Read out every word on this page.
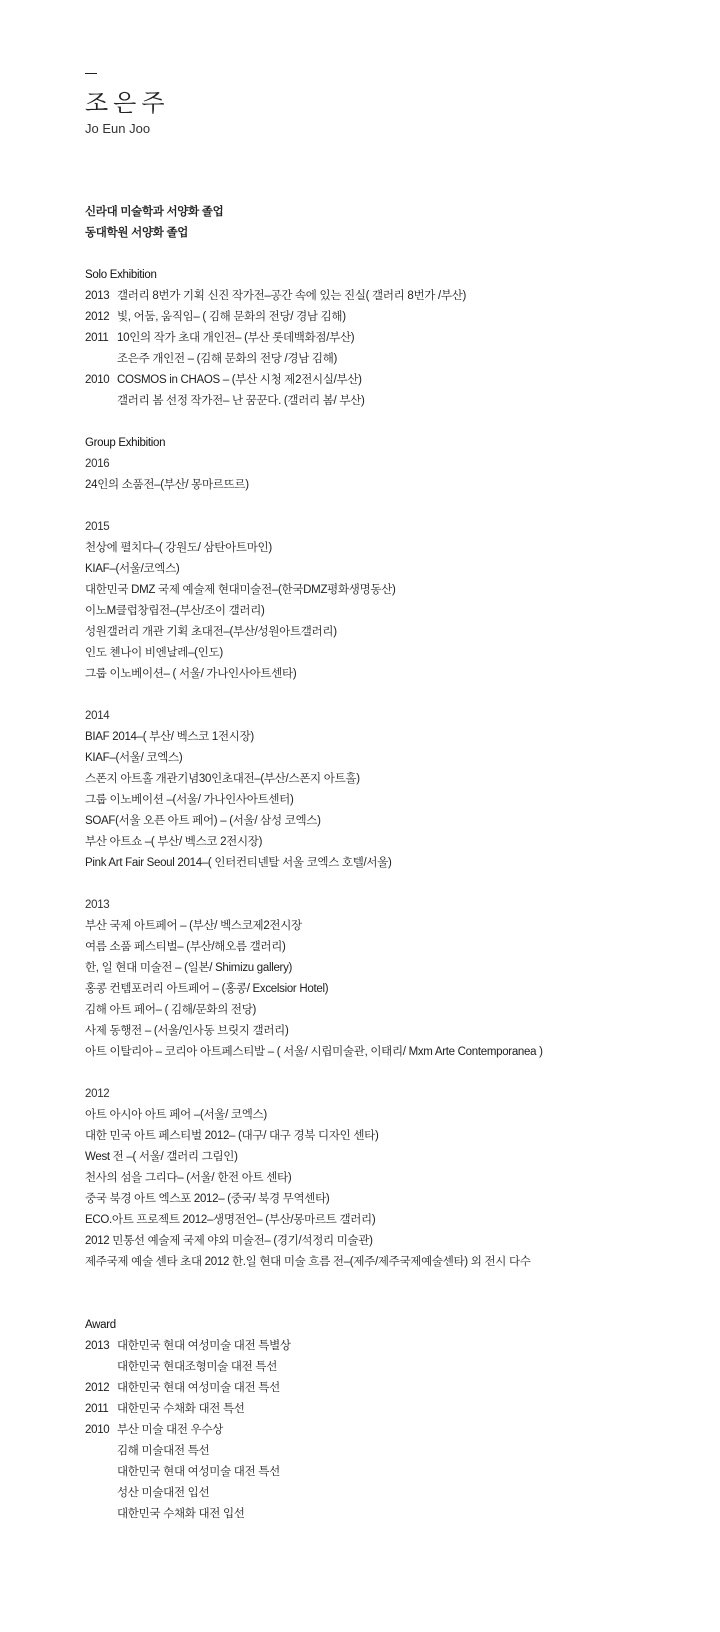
조은주
Jo Eun Joo
신라대 미술학과 서양화 졸업
동대학원 서양화 졸업
Solo Exhibition
2013 갤러리 8번가 기획 신진 작가전–공간 속에 있는 진실( 갤러리 8번가 /부산)
2012 빛, 어둠, 움직임– ( 김해 문화의 전당/ 경남 김해)
2011 10인의 작가 초대 개인전– (부산 롯데백화점/부산)
조은주 개인전 – (김해 문화의 전당 /경남 김해)
2010 COSMOS in CHAOS – (부산 시청 제2전시실/부산)
갤러리 봄 선정 작가전– 난 꿈꾼다. (갤러리 봄/ 부산)
Group Exhibition
2016
24인의 소품전–(부산/ 몽마르뜨르)
2015
천상에 펼치다–( 강원도/ 삼탄아트마인)
KIAF–(서울/코엑스)
대한민국 DMZ 국제 예술제 현대미술전–(한국DMZ평화생명동산)
이노M클럽창립전–(부산/조이 갤러리)
성원갤러리 개관 기획 초대전–(부산/성원아트갤러리)
인도 첸나이 비엔날레–(인도)
그룹 이노베이션– ( 서울/ 가나인사아트센타)
2014
BIAF 2014–( 부산/ 벡스코 1전시장)
KIAF–(서울/ 코엑스)
스폰지 아트홀 개관기념30인초대전–(부산/스폰지 아트홀)
그룹 이노베이션 –(서울/ 가나인사아트센터)
SOAF(서울 오픈 아트 페어) – (서울/ 삼성 코엑스)
부산 아트쇼 –( 부산/ 벡스코 2전시장)
Pink Art Fair Seoul 2014–( 인터컨티넨탈 서울 코엑스 호텔/서울)
2013
부산 국제 아트페어 – (부산/ 벡스코제2전시장
여름 소품 페스티벌– (부산/해오름 갤러리)
한, 일 현대 미술전 – (일본/ Shimizu gallery)
홍콩 컨템포러리 아트페어 – (홍콩/ Excelsior Hotel)
김해 아트 페어– ( 김해/문화의 전당)
사제 동행전 – (서울/인사동 브릿지 갤러리)
아트 이탈리아 – 코리아 아트페스티발 – ( 서울/ 시립미술관, 이태리/ Mxm Arte Contemporanea )
2012
아트 아시아 아트 페어 –(서울/ 코엑스)
대한 민국 아트 페스티벌 2012– (대구/ 대구 경북 디자인 센타)
West 전 –( 서울/ 갤러리 그림인)
천사의 섬을 그리다– (서울/ 한전 아트 센타)
중국 북경 아트 엑스포 2012– (중국/ 북경 무역센타)
ECO.아트 프로젝트 2012–생명전언– (부산/몽마르트 갤러리)
2012 민통선 예술제 국제 야외 미술전– (경기/석정리 미술관)
제주국제 예술 센타 초대 2012 한.일 현대 미술 흐름 전–(제주/제주국제예술센타) 외 전시 다수
Award
2013 대한민국 현대 여성미술 대전 특별상
대한민국 현대조형미술 대전 특선
2012 대한민국 현대 여성미술 대전 특선
2011 대한민국 수채화 대전 특선
2010 부산 미술 대전 우수상
김해 미술대전 특선
대한민국 현대 여성미술 대전 특선
성산 미술대전 입선
대한민국 수채화 대전 입선
